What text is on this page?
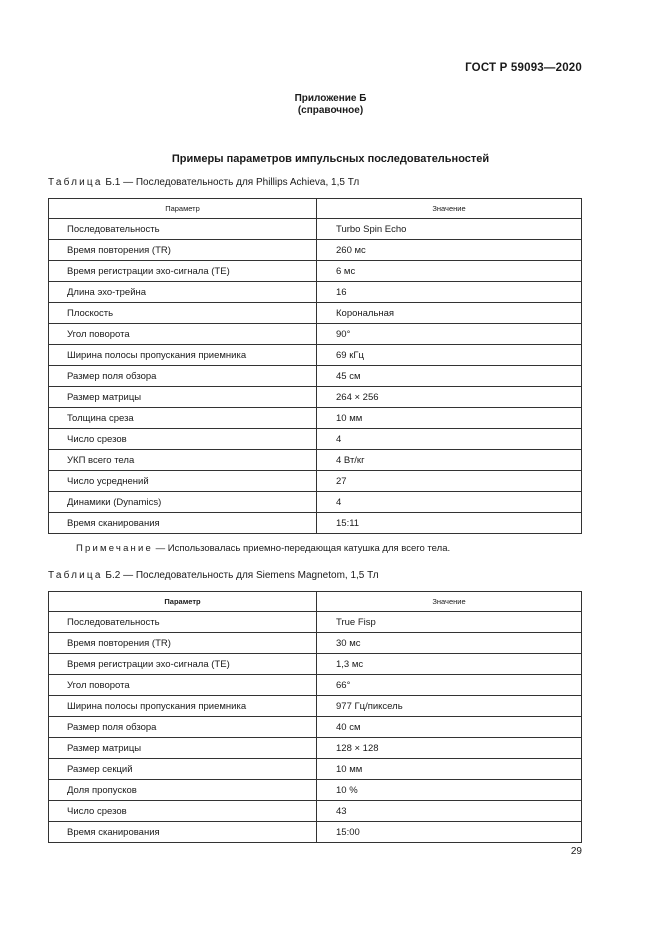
ГОСТ Р 59093—2020
Приложение Б
(справочное)
Примеры параметров импульсных последовательностей
Таблица Б.1 — Последовательность для Phillips Achieva, 1,5 Тл
Параметр	Значение
Последовательность	Turbo Spin Echo
Время повторения (TR)	260 мс
Время регистрации эхо-сигнала (TE)	6 мс
Длина эхо-трейна	16
Плоскость	Корональная
Угол поворота	90°
Ширина полосы пропускания приемника	69 кГц
Размер поля обзора	45 см
Размер матрицы	264 × 256
Толщина среза	10 мм
Число срезов	4
УКП всего тела	4 Вт/кг
Число усреднений	27
Динамики (Dynamics)	4
Время сканирования	15:11
Примечание — Использовалась приемно-передающая катушка для всего тела.
Таблица Б.2 — Последовательность для Siemens Magnetom, 1,5 Тл
Параметр	Значение
Последовательность	True Fisp
Время повторения (TR)	30 мс
Время регистрации эхо-сигнала (TE)	1,3 мс
Угол поворота	66°
Ширина полосы пропускания приемника	977 Гц/пиксель
Размер поля обзора	40 см
Размер матрицы	128 × 128
Размер секций	10 мм
Доля пропусков	10 %
Число срезов	43
Время сканирования	15:00
29
